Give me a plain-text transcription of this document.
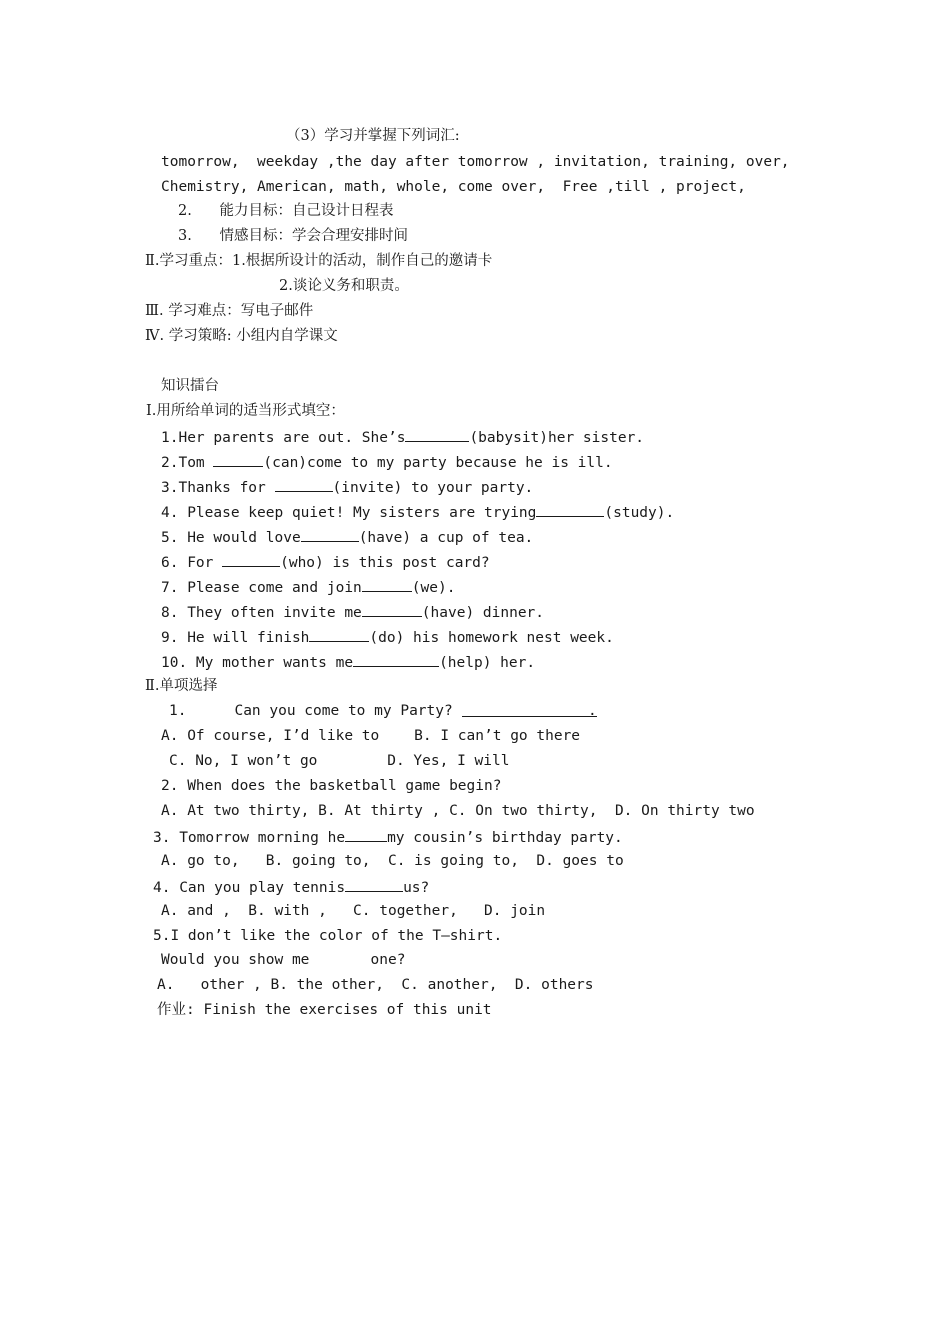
（3）学习并掌握下列词汇:
tomorrow,  weekday ,the day after tomorrow , invitation, training, over,
Chemistry, American, math, whole, come over,  Free ,till , project,
2.      能力目标：自己设计日程表
3.      情感目标：学会合理安排时间
Ⅱ.学习重点：1.根据所设计的活动，制作自己的邀请卡
2.谈论义务和职责。
Ⅲ. 学习难点：写电子邮件
Ⅳ. 学习策略: 小组内自学课文
知识擂台
Ⅰ.用所给单词的适当形式填空：
1.Her parents are out. She’s	(babysit)her sister.
2.Tom	(can)come to my party because he is ill.
3.Thanks for	(invite) to your party.
4. Please keep quiet! My sisters are trying	(study).
5. He would love	(have) a cup of tea.
6. For	(who) is this post card?
7. Please come and join	(we).
8. They often invite me	(have) dinner.
9. He will finish	(do) his homework nest week.
10. My mother wants me	(help) her.
Ⅱ.单项选择
1.	Can you come to my Party?	.
A. Of course, I’d like to    B. I can’t go there
C. No, I won’t go        D. Yes, I will
2. When does the basketball game begin?
A. At two thirty, B. At thirty , C. On two thirty,  D. On thirty two
3. Tomorrow morning he	my cousin’s birthday party.
A. go to,   B. going to,  C. is going to,  D. goes to
4. Can you play tennis	us?
A. and ,  B. with ,   C. together,   D. join
5.I don’t like the color of the T—shirt.
Would you show me       one?
A.   other , B. the other,  C. another,  D. others
作业: Finish the exercises of this unit
